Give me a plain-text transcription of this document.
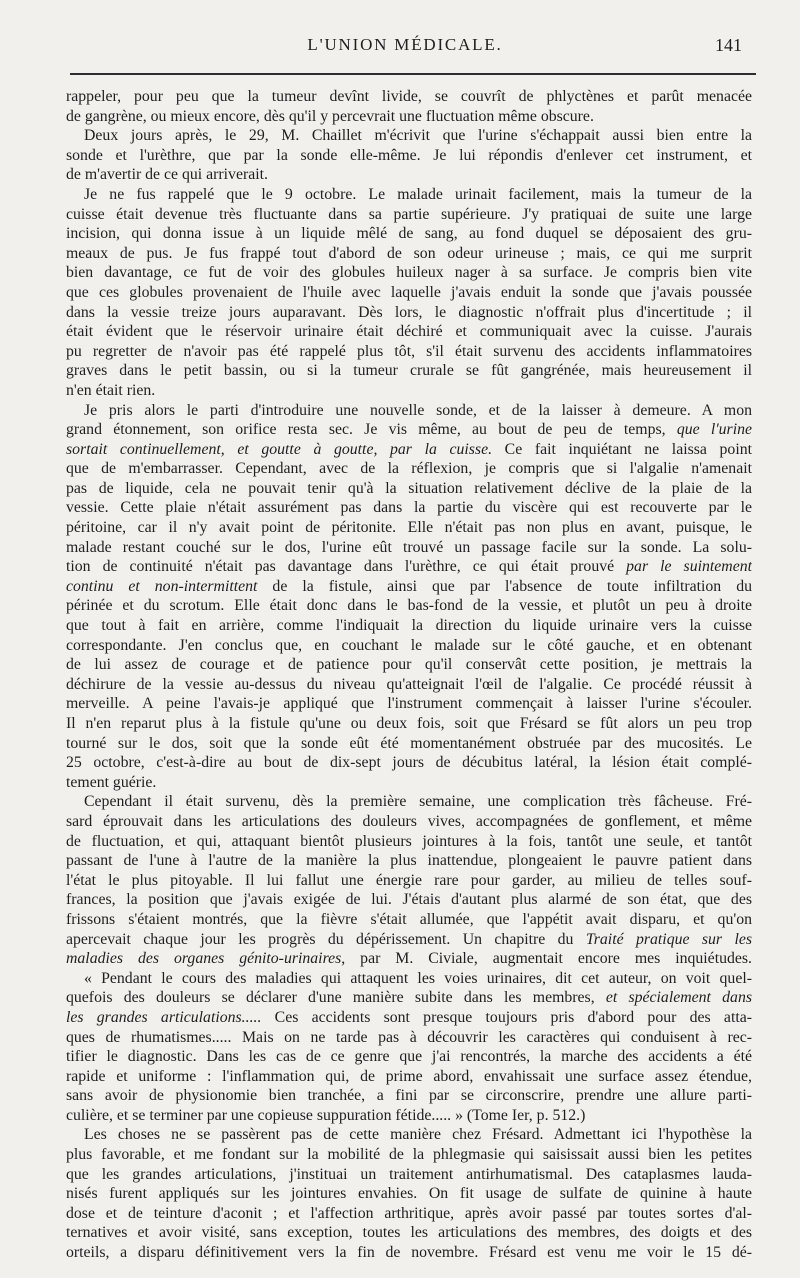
L'UNION MÉDICALE.	141
rappeler, pour peu que la tumeur devînt livide, se couvrît de phlyctènes et parût menacée
de gangrène, ou mieux encore, dès qu'il y percevrait une fluctuation même obscure.
Deux jours après, le 29, M. Chaillet m'écrivit que l'urine s'échappait aussi bien entre la
sonde et l'urèthre, que par la sonde elle-même. Je lui répondis d'enlever cet instrument, et
de m'avertir de ce qui arriverait.
Je ne fus rappelé que le 9 octobre. Le malade urinait facilement, mais la tumeur de la
cuisse était devenue très fluctuante dans sa partie supérieure. J'y pratiquai de suite une large
incision, qui donna issue à un liquide mêlé de sang, au fond duquel se déposaient des gru-
meaux de pus. Je fus frappé tout d'abord de son odeur urineuse ; mais, ce qui me surprit
bien davantage, ce fut de voir des globules huileux nager à sa surface. Je compris bien vite
que ces globules provenaient de l'huile avec laquelle j'avais enduit la sonde que j'avais poussée
dans la vessie treize jours auparavant. Dès lors, le diagnostic n'offrait plus d'incertitude ; il
était évident que le réservoir urinaire était déchiré et communiquait avec la cuisse. J'aurais
pu regretter de n'avoir pas été rappelé plus tôt, s'il était survenu des accidents inflammatoires
graves dans le petit bassin, ou si la tumeur crurale se fût gangrénée, mais heureusement il
n'en était rien.
Je pris alors le parti d'introduire une nouvelle sonde, et de la laisser à demeure. A mon
grand étonnement, son orifice resta sec. Je vis même, au bout de peu de temps, que l'urine
sortait continuellement, et goutte à goutte, par la cuisse. Ce fait inquiétant ne laissa point
que de m'embarrasser. Cependant, avec de la réflexion, je compris que si l'algalie n'amenait
pas de liquide, cela ne pouvait tenir qu'à la situation relativement déclive de la plaie de la
vessie. Cette plaie n'était assurément pas dans la partie du viscère qui est recouverte par le
péritoine, car il n'y avait point de péritonite. Elle n'était pas non plus en avant, puisque, le
malade restant couché sur le dos, l'urine eût trouvé un passage facile sur la sonde. La solu-
tion de continuité n'était pas davantage dans l'urèthre, ce qui était prouvé par le suintement
continu et non-intermittent de la fistule, ainsi que par l'absence de toute infiltration du
périnée et du scrotum. Elle était donc dans le bas-fond de la vessie, et plutôt un peu à droite
que tout à fait en arrière, comme l'indiquait la direction du liquide urinaire vers la cuisse
correspondante. J'en conclus que, en couchant le malade sur le côté gauche, et en obtenant
de lui assez de courage et de patience pour qu'il conservât cette position, je mettrais la
déchirure de la vessie au-dessus du niveau qu'atteignait l'œil de l'algalie. Ce procédé réussit à
merveille. A peine l'avais-je appliqué que l'instrument commençait à laisser l'urine s'écouler.
Il n'en reparut plus à la fistule qu'une ou deux fois, soit que Frésard se fût alors un peu trop
tourné sur le dos, soit que la sonde eût été momentanément obstruée par des mucosités. Le
25 octobre, c'est-à-dire au bout de dix-sept jours de décubitus latéral, la lésion était complé-
tement guérie.
Cependant il était survenu, dès la première semaine, une complication très fâcheuse. Fré-
sard éprouvait dans les articulations des douleurs vives, accompagnées de gonflement, et même
de fluctuation, et qui, attaquant bientôt plusieurs jointures à la fois, tantôt une seule, et tantôt
passant de l'une à l'autre de la manière la plus inattendue, plongeaient le pauvre patient dans
l'état le plus pitoyable. Il lui fallut une énergie rare pour garder, au milieu de telles souf-
frances, la position que j'avais exigée de lui. J'étais d'autant plus alarmé de son état, que des
frissons s'étaient montrés, que la fièvre s'était allumée, que l'appétit avait disparu, et qu'on
apercevait chaque jour les progrès du dépérissement. Un chapitre du Traité pratique sur les
maladies des organes génito-urinaires, par M. Civiale, augmentait encore mes inquiétudes.
« Pendant le cours des maladies qui attaquent les voies urinaires, dit cet auteur, on voit quel-
quefois des douleurs se déclarer d'une manière subite dans les membres, et spécialement dans
les grandes articulations..... Ces accidents sont presque toujours pris d'abord pour des atta-
ques de rhumatismes..... Mais on ne tarde pas à découvrir les caractères qui conduisent à rec-
tifier le diagnostic. Dans les cas de ce genre que j'ai rencontrés, la marche des accidents a été
rapide et uniforme : l'inflammation qui, de prime abord, envahissait une surface assez étendue,
sans avoir de physionomie bien tranchée, a fini par se circonscrire, prendre une allure parti-
culière, et se terminer par une copieuse suppuration fétide..... » (Tome Ier, p. 512.)
Les choses ne se passèrent pas de cette manière chez Frésard. Admettant ici l'hypothèse la
plus favorable, et me fondant sur la mobilité de la phlegmasie qui saisissait aussi bien les petites
que les grandes articulations, j'instituai un traitement antirhumatismal. Des cataplasmes lauda-
nisés furent appliqués sur les jointures envahies. On fit usage de sulfate de quinine à haute
dose et de teinture d'aconit ; et l'affection arthritique, après avoir passé par toutes sortes d'al-
ternatives et avoir visité, sans exception, toutes les articulations des membres, des doigts et des
orteils, a disparu définitivement vers la fin de novembre. Frésard est venu me voir le 15 dé-
